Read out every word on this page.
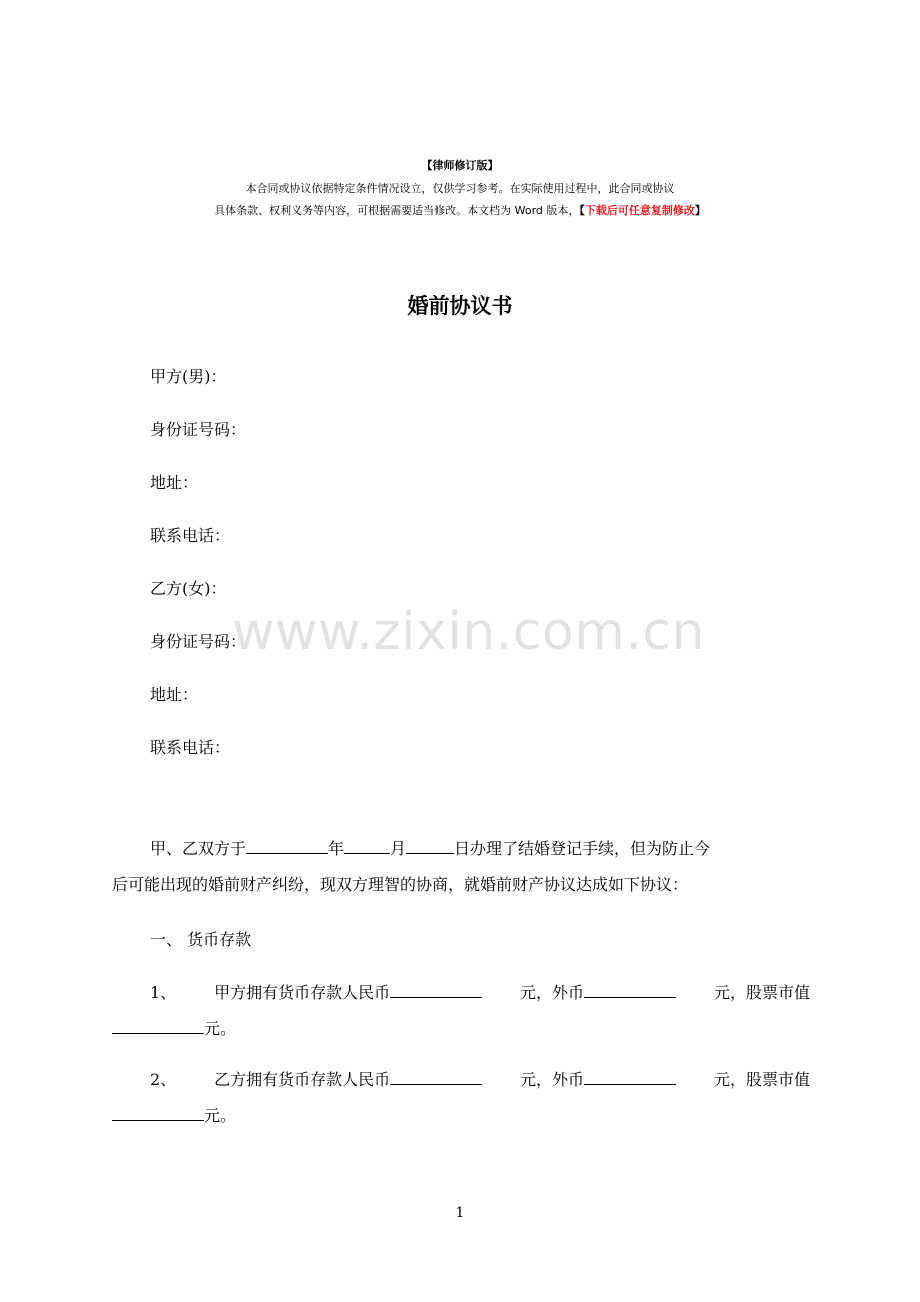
【律师修订版】
本合同或协议依据特定条件情况设立，仅供学习参考。在实际使用过程中，此合同或协议
具体条款、权利义务等内容，可根据需要适当修改。本文档为 Word 版本，【下载后可任意复制修改】
婚前协议书
甲方(男)：
身份证号码：
地址：
联系电话：
乙方(女)：
身份证号码：
地址：
联系电话：
www.zixin.com.cn
甲、乙双方于	年	月	日办理了结婚登记手续，但为防止今
后可能出现的婚前财产纠纷，现双方理智的协商，就婚前财产协议达成如下协议：
一、 货币存款
1、 甲方拥有货币存款人民币	元，外币	元，股票市值
元。
2、 乙方拥有货币存款人民币	元，外币	元，股票市值
元。
1
